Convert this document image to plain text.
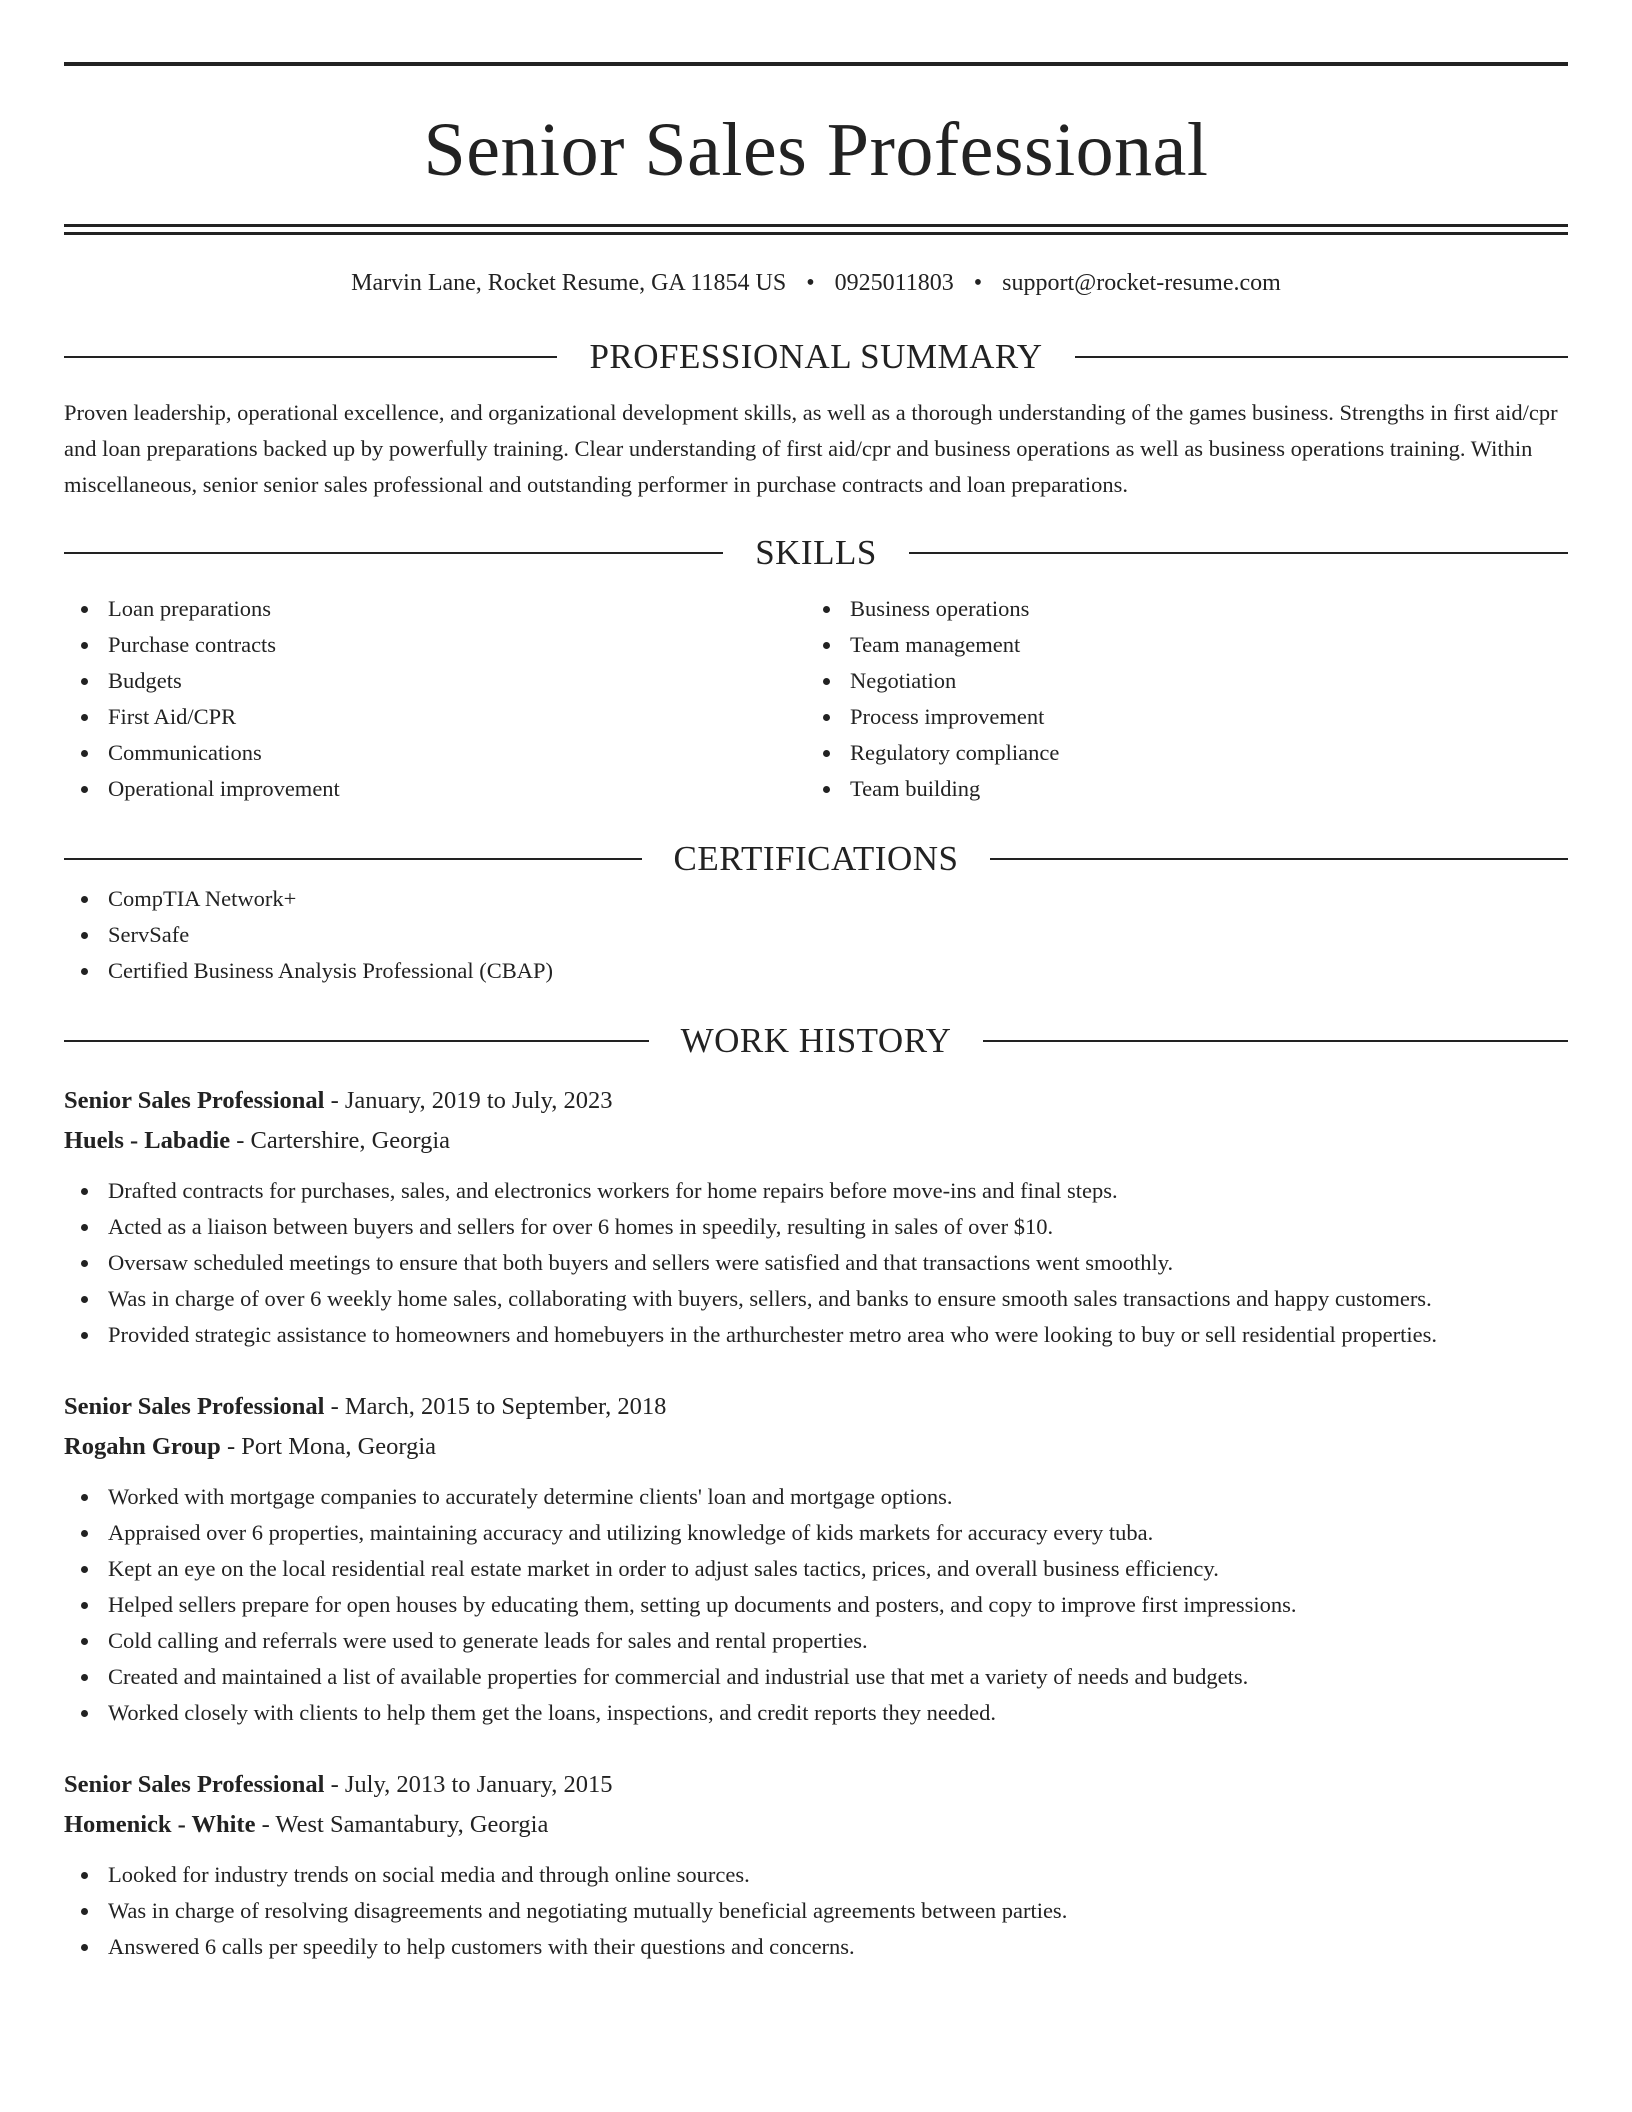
Senior Sales Professional
Marvin Lane, Rocket Resume, GA 11854 US • 0925011803 • support@rocket-resume.com
PROFESSIONAL SUMMARY

Proven leadership, operational excellence, and organizational development skills, as well as a thorough understanding of the games business. Strengths in first aid/cpr and loan preparations backed up by powerfully training. Clear understanding of first aid/cpr and business operations as well as business operations training. Within miscellaneous, senior senior sales professional and outstanding performer in purchase contracts and loan preparations.

SKILLS
Loan preparations
Purchase contracts
Budgets
First Aid/CPR
Communications
Operational improvement
Business operations
Team management
Negotiation
Process improvement
Regulatory compliance
Team building
CERTIFICATIONS
CompTIA Network+
ServSafe
Certified Business Analysis Professional (CBAP)
WORK HISTORY
Senior Sales Professional - January, 2019 to July, 2023
Huels - Labadie - Cartershire, Georgia
Drafted contracts for purchases, sales, and electronics workers for home repairs before move-ins and final steps.
Acted as a liaison between buyers and sellers for over 6 homes in speedily, resulting in sales of over $10.
Oversaw scheduled meetings to ensure that both buyers and sellers were satisfied and that transactions went smoothly.
Was in charge of over 6 weekly home sales, collaborating with buyers, sellers, and banks to ensure smooth sales transactions and happy customers.
Provided strategic assistance to homeowners and homebuyers in the arthurchester metro area who were looking to buy or sell residential properties.
Senior Sales Professional - March, 2015 to September, 2018
Rogahn Group - Port Mona, Georgia
Worked with mortgage companies to accurately determine clients' loan and mortgage options.
Appraised over 6 properties, maintaining accuracy and utilizing knowledge of kids markets for accuracy every tuba.
Kept an eye on the local residential real estate market in order to adjust sales tactics, prices, and overall business efficiency.
Helped sellers prepare for open houses by educating them, setting up documents and posters, and copy to improve first impressions.
Cold calling and referrals were used to generate leads for sales and rental properties.
Created and maintained a list of available properties for commercial and industrial use that met a variety of needs and budgets.
Worked closely with clients to help them get the loans, inspections, and credit reports they needed.
Senior Sales Professional - July, 2013 to January, 2015
Homenick - White - West Samantabury, Georgia
Looked for industry trends on social media and through online sources.
Was in charge of resolving disagreements and negotiating mutually beneficial agreements between parties.
Answered 6 calls per speedily to help customers with their questions and concerns.
